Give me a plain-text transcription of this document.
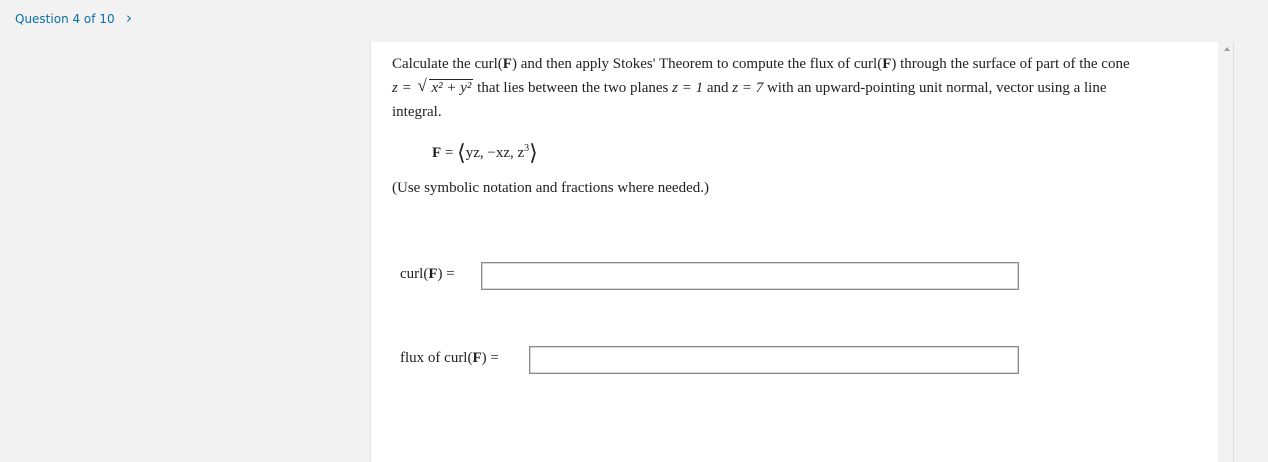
Question 4 of 10 ›
Calculate the curl(F) and then apply Stokes' Theorem to compute the flux of curl(F) through the surface of part of the cone
z = √ x² + y² that lies between the two planes z = 1 and z = 7 with an upward-pointing unit normal, vector using a line
integral.
F = ⟨yz, −xz, $z^3⟩$
(Use symbolic notation and fractions where needed.)
curl(F) =
flux of curl(F) =
